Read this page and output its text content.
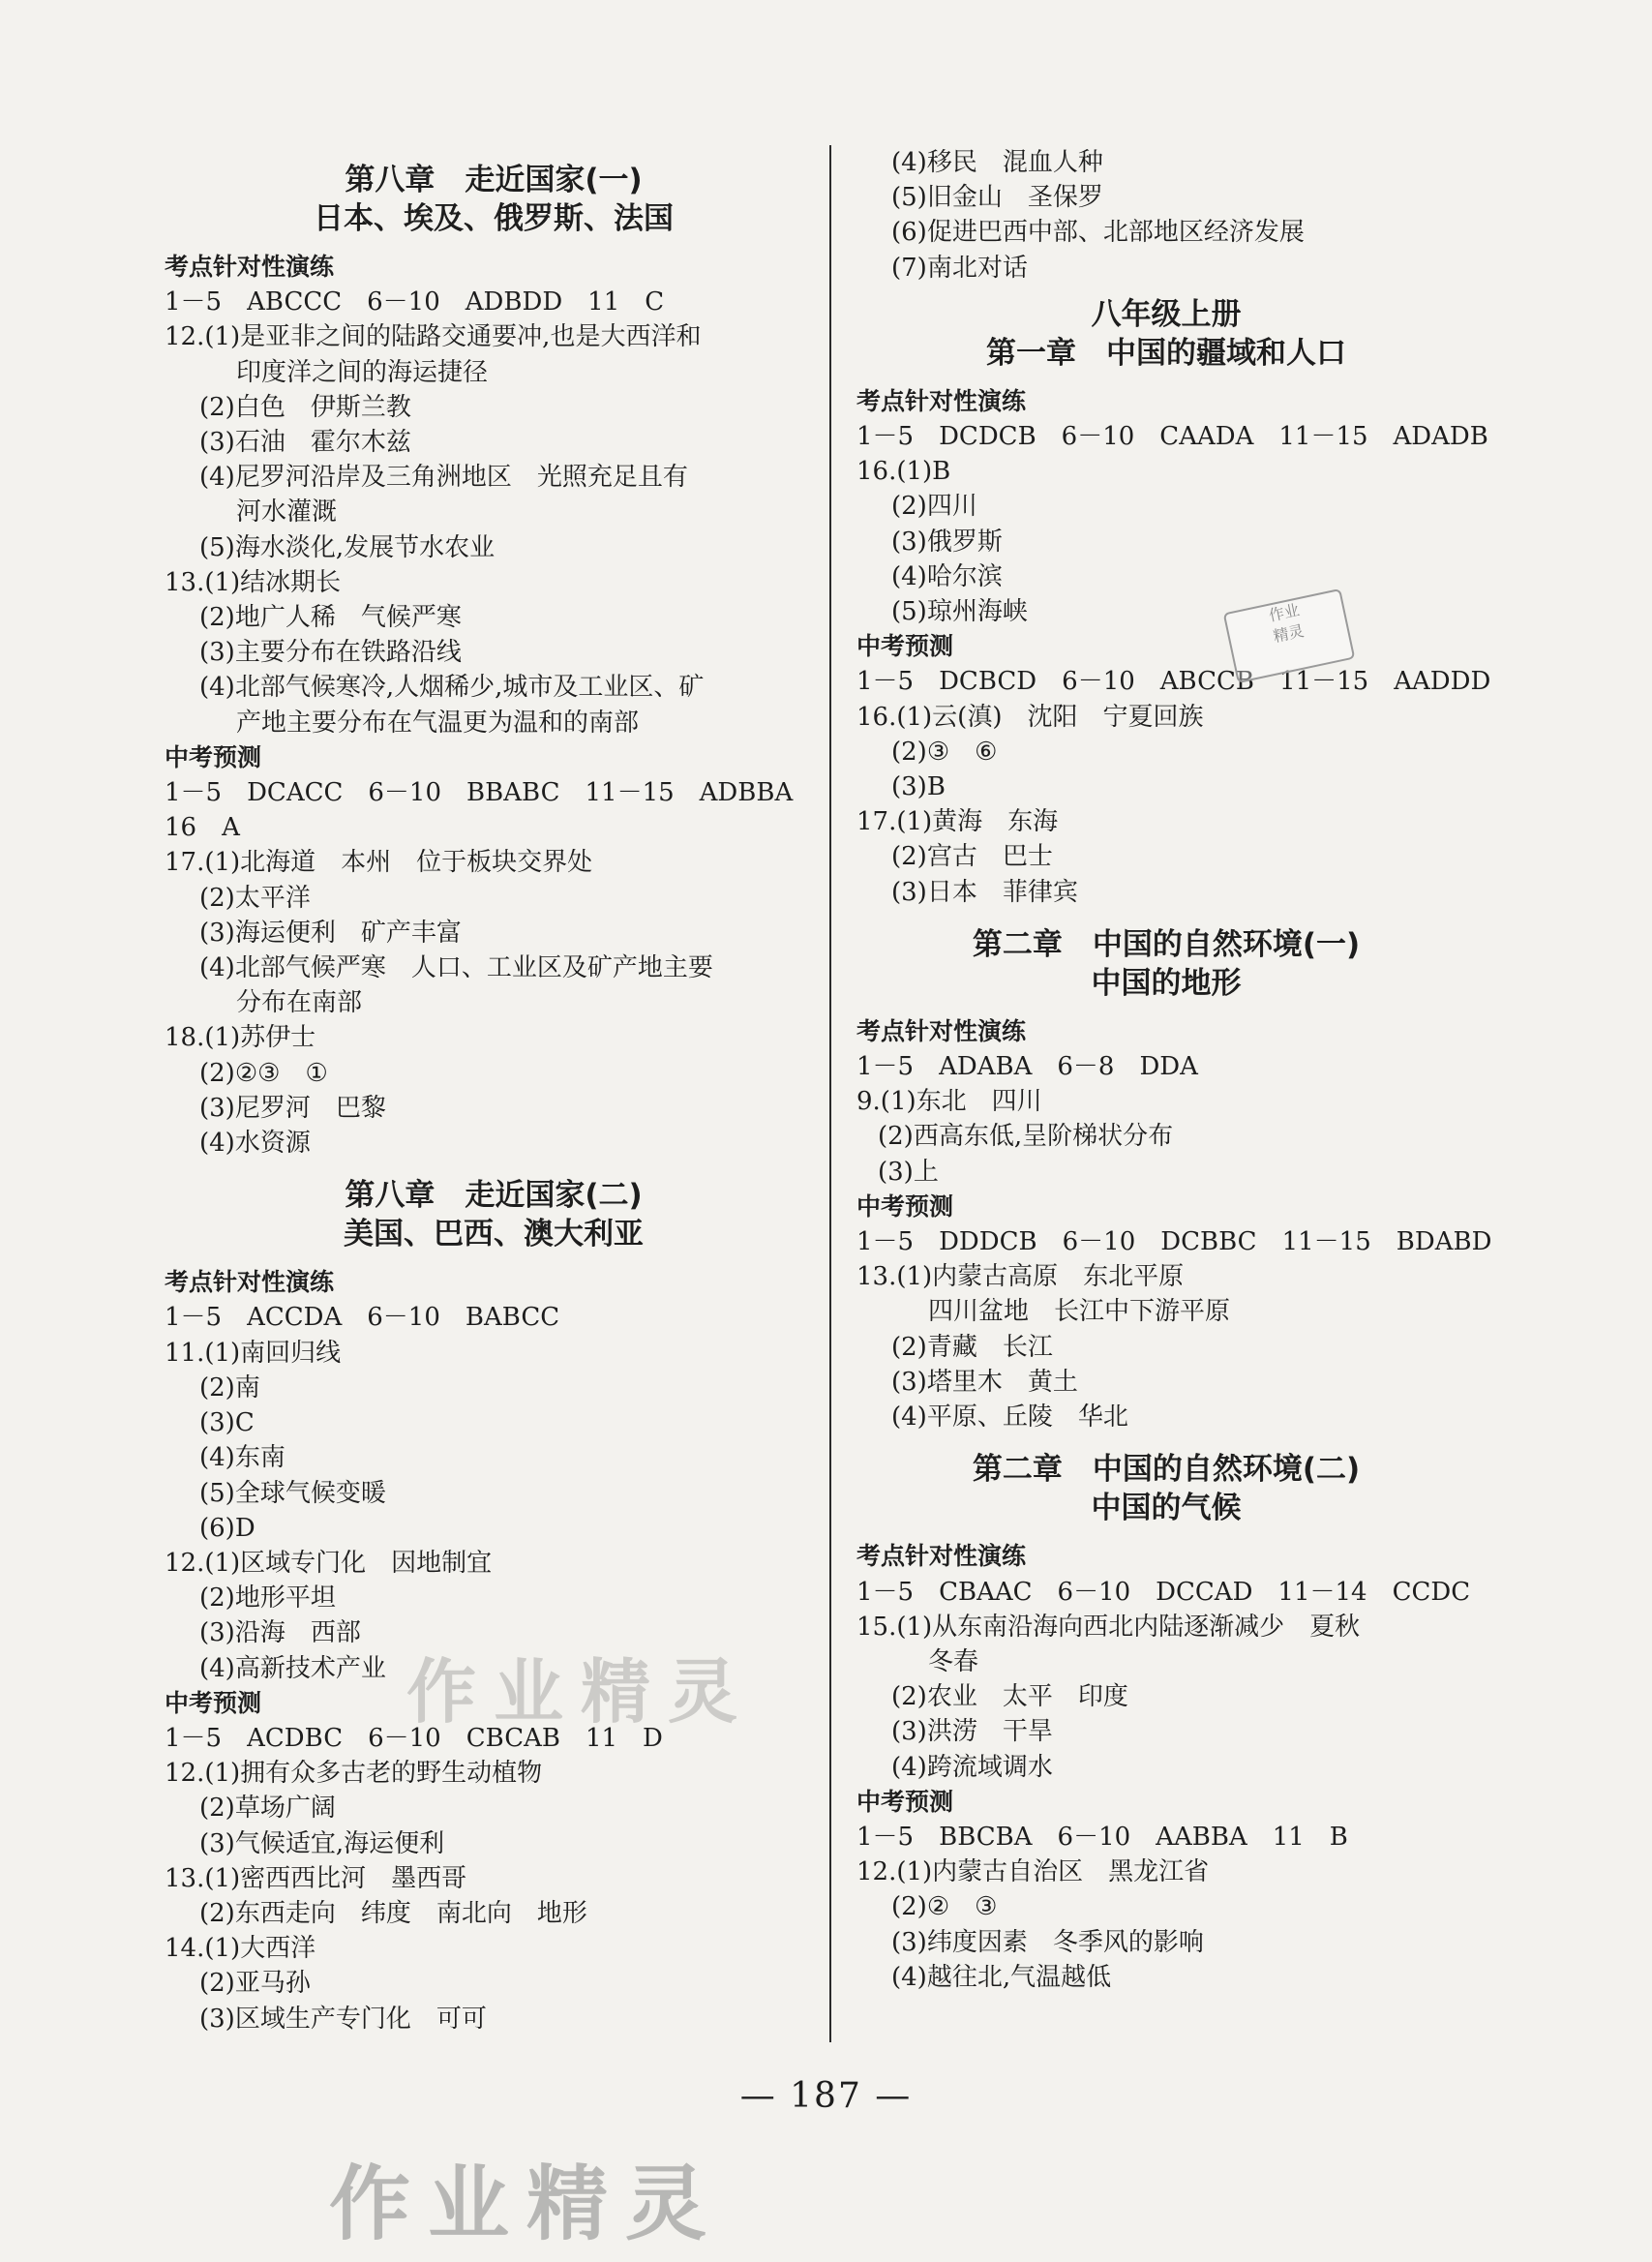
第八章　走近国家(一)
日本、埃及、俄罗斯、法国
考点针对性演练
1－5　ABCCC　6－10　ADBDD　11　C
12.(1)是亚非之间的陆路交通要冲,也是大西洋和
印度洋之间的海运捷径
(2)白色　伊斯兰教
(3)石油　霍尔木兹
(4)尼罗河沿岸及三角洲地区　光照充足且有
河水灌溉
(5)海水淡化,发展节水农业
13.(1)结冰期长
(2)地广人稀　气候严寒
(3)主要分布在铁路沿线
(4)北部气候寒冷,人烟稀少,城市及工业区、矿
产地主要分布在气温更为温和的南部
中考预测
1－5　DCACC　6－10　BBABC　11－15　ADBBA
16　A
17.(1)北海道　本州　位于板块交界处
(2)太平洋
(3)海运便利　矿产丰富
(4)北部气候严寒　人口、工业区及矿产地主要
分布在南部
18.(1)苏伊士
(2)②③　①
(3)尼罗河　巴黎
(4)水资源
第八章　走近国家(二)
美国、巴西、澳大利亚
考点针对性演练
1－5　ACCDA　6－10　BABCC
11.(1)南回归线
(2)南
(3)C
(4)东南
(5)全球气候变暖
(6)D
12.(1)区域专门化　因地制宜
(2)地形平坦
(3)沿海　西部
(4)高新技术产业
中考预测
1－5　ACDBC　6－10　CBCAB　11　D
12.(1)拥有众多古老的野生动植物
(2)草场广阔
(3)气候适宜,海运便利
13.(1)密西西比河　墨西哥
(2)东西走向　纬度　南北向　地形
14.(1)大西洋
(2)亚马孙
(3)区域生产专门化　可可
(4)移民　混血人种
(5)旧金山　圣保罗
(6)促进巴西中部、北部地区经济发展
(7)南北对话
八年级上册
第一章　中国的疆域和人口
考点针对性演练
1－5　DCDCB　6－10　CAADA　11－15　ADADB
16.(1)B
(2)四川
(3)俄罗斯
(4)哈尔滨
(5)琼州海峡
中考预测
1－5　DCBCD　6－10　ABCCB　11－15　AADDD
16.(1)云(滇)　沈阳　宁夏回族
(2)③　⑥
(3)B
17.(1)黄海　东海
(2)宫古　巴士
(3)日本　菲律宾
第二章　中国的自然环境(一)
中国的地形
考点针对性演练
1－5　ADABA　6－8　DDA
9.(1)东北　四川
(2)西高东低,呈阶梯状分布
(3)上
中考预测
1－5　DDDCB　6－10　DCBBC　11－15　BDABD
13.(1)内蒙古高原　东北平原
四川盆地　长江中下游平原
(2)青藏　长江
(3)塔里木　黄土
(4)平原、丘陵　华北
第二章　中国的自然环境(二)
中国的气候
考点针对性演练
1－5　CBAAC　6－10　DCCAD　11－14　CCDC
15.(1)从东南沿海向西北内陆逐渐减少　夏秋
冬春
(2)农业　太平　印度
(3)洪涝　干旱
(4)跨流域调水
中考预测
1－5　BBCBA　6－10　AABBA　11　B
12.(1)内蒙古自治区　黑龙江省
(2)②　③
(3)纬度因素　冬季风的影响
(4)越往北,气温越低
作业
精灵
作业精灵
作业精灵
— 187 —
